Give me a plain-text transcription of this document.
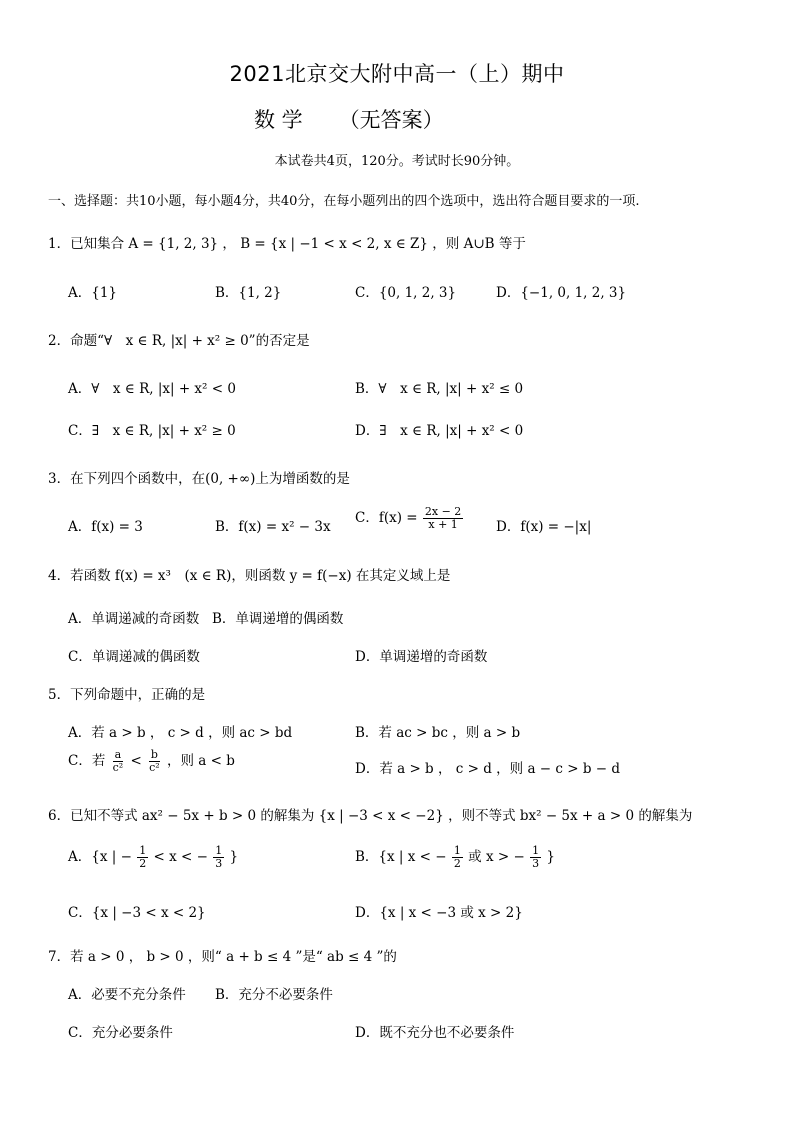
2021北京交大附中高一（上）期中
数 学 （无答案）
本试卷共4页，120分。考试时长90分钟。
一、选择题：共10小题，每小题4分，共40分，在每小题列出的四个选项中，选出符合题目要求的一项.
1．已知集合 A = {1, 2, 3} ， B = {x | −1 < x < 2, x ∈ Z} ，则 A∪B 等于
A．{1}	B．{1, 2}	C．{0, 1, 2, 3}	D．{−1, 0, 1, 2, 3}
2．命题“∀　x ∈ R, |x| + x² ≥ 0”的否定是
A．∀　x ∈ R, |x| + x² < 0	B．∀　x ∈ R, |x| + x² ≤ 0
C．∃　x ∈ R, |x| + x² ≥ 0	D．∃　x ∈ R, |x| + x² < 0
3．在下列四个函数中，在(0, +∞)上为增函数的是
A．f(x) = 3	B．f(x) = x² − 3x
C．$f(x) = \frac{2x - 2}{x + 1}$ D．f(x) = −|x|
4．若函数 f(x) = x³　(x ∈ R)，则函数 y = f(−x) 在其定义域上是
A．单调递减的奇函数 B．单调递增的偶函数
C．单调递减的偶函数	D．单调递增的奇函数
5．下列命题中，正确的是
A．若 a > b ， c > d ，则 ac > bd	B．若 ac > bc ，则 a > b
C．若 $\frac{a}{\text{c²}} < \frac{b}{\text{c²}}$ ，则 a < b	D．若 a > b ， c > d ，则 a − c > b − d
6．已知不等式 ax² − 5x + b > 0 的解集为 {x | −3 < x < −2} ，则不等式 bx² − 5x + a > 0 的解集为
A．{x | − $\frac{1}{2} < x$ < − $\frac{1}{3}$ }	B．{x | x < − $\frac{1}{2}$ 或 x > − $\frac{1}{3}$ }
C．{x | −3 < x < 2}	D．{x | x < −3 或 x > 2}
7．若 a > 0 ， b > 0 ，则“ a + b ≤ 4 ”是“ ab ≤ 4 ”的
A．必要不充分条件 B．充分不必要条件
C．充分必要条件	D．既不充分也不必要条件
